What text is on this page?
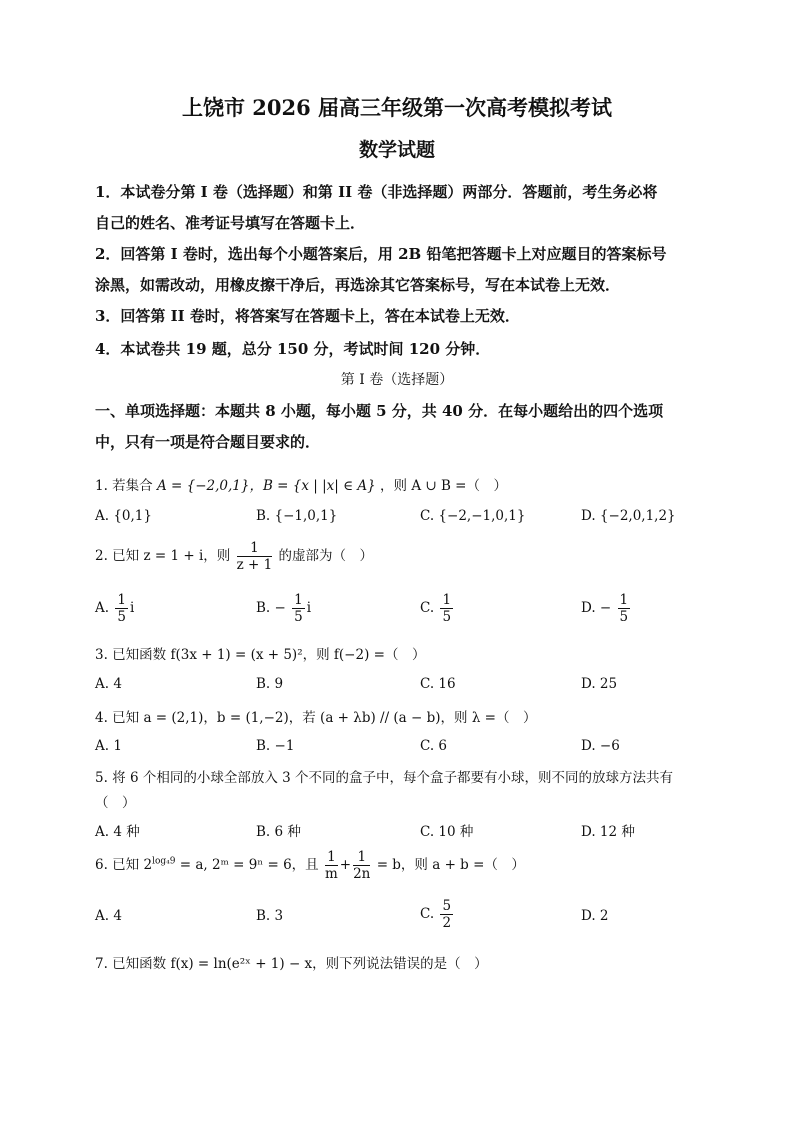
上饶市 2026 届高三年级第一次高考模拟考试
数学试题
1．本试卷分第 I 卷（选择题）和第 II 卷（非选择题）两部分．答题前，考生务必将
自己的姓名、准考证号填写在答题卡上．
2．回答第 I 卷时，选出每个小题答案后，用 2B 铅笔把答题卡上对应题目的答案标号
涂黑，如需改动，用橡皮擦干净后，再选涂其它答案标号，写在本试卷上无效．
3．回答第 II 卷时，将答案写在答题卡上，答在本试卷上无效．
4．本试卷共 19 题，总分 150 分，考试时间 120 分钟．
第 I 卷（选择题）
一、单项选择题：本题共 8 小题，每小题 5 分，共 40 分．在每小题给出的四个选项
中，只有一项是符合题目要求的．
1. 若集合 A = {−2,0,1}，B = {x | |x| ∈ A} ，则 A ∪ B =（　）
A. {0,1}	B. {−1,0,1}	C. {−2,−1,0,1}	D. {−2,0,1,2}
2. 已知 z = 1 + i，则 $\frac{1}{z + 1}$ 的虚部为（　）
A. $\frac{1}{5}$ i	B. − $\frac{1}{5}$ i	C. $\frac{1}{5}$	D. − $\frac{1}{5}$
3. 已知函数 f(3x + 1) = (x + 5)²，则 f(−2) =（　）
A. 4	B. 9	C. 16	D. 25
4. 已知 a = (2,1)，b = (1,−2)，若 (a + λb) // (a − b)，则 λ =（　）
A. 1	B. −1	C. 6	D. −6
5. 将 6 个相同的小球全部放入 3 个不同的盒子中，每个盒子都要有小球，则不同的放球方法共有
（　）
A. 4 种	B. 6 种	C. 10 种	D. 12 种
6. 已知 $2^{log_49} = a$, 2ᵐ = 9ⁿ = 6，且 $\frac{1}{m} + \frac{1}{2n} = b$，则 a + b =（　）
A. 4	B. 3	C. $\frac{5}{2}$	D. 2
7. 已知函数 f(x) = ln(e²ˣ + 1) − x，则下列说法错误的是（　）
